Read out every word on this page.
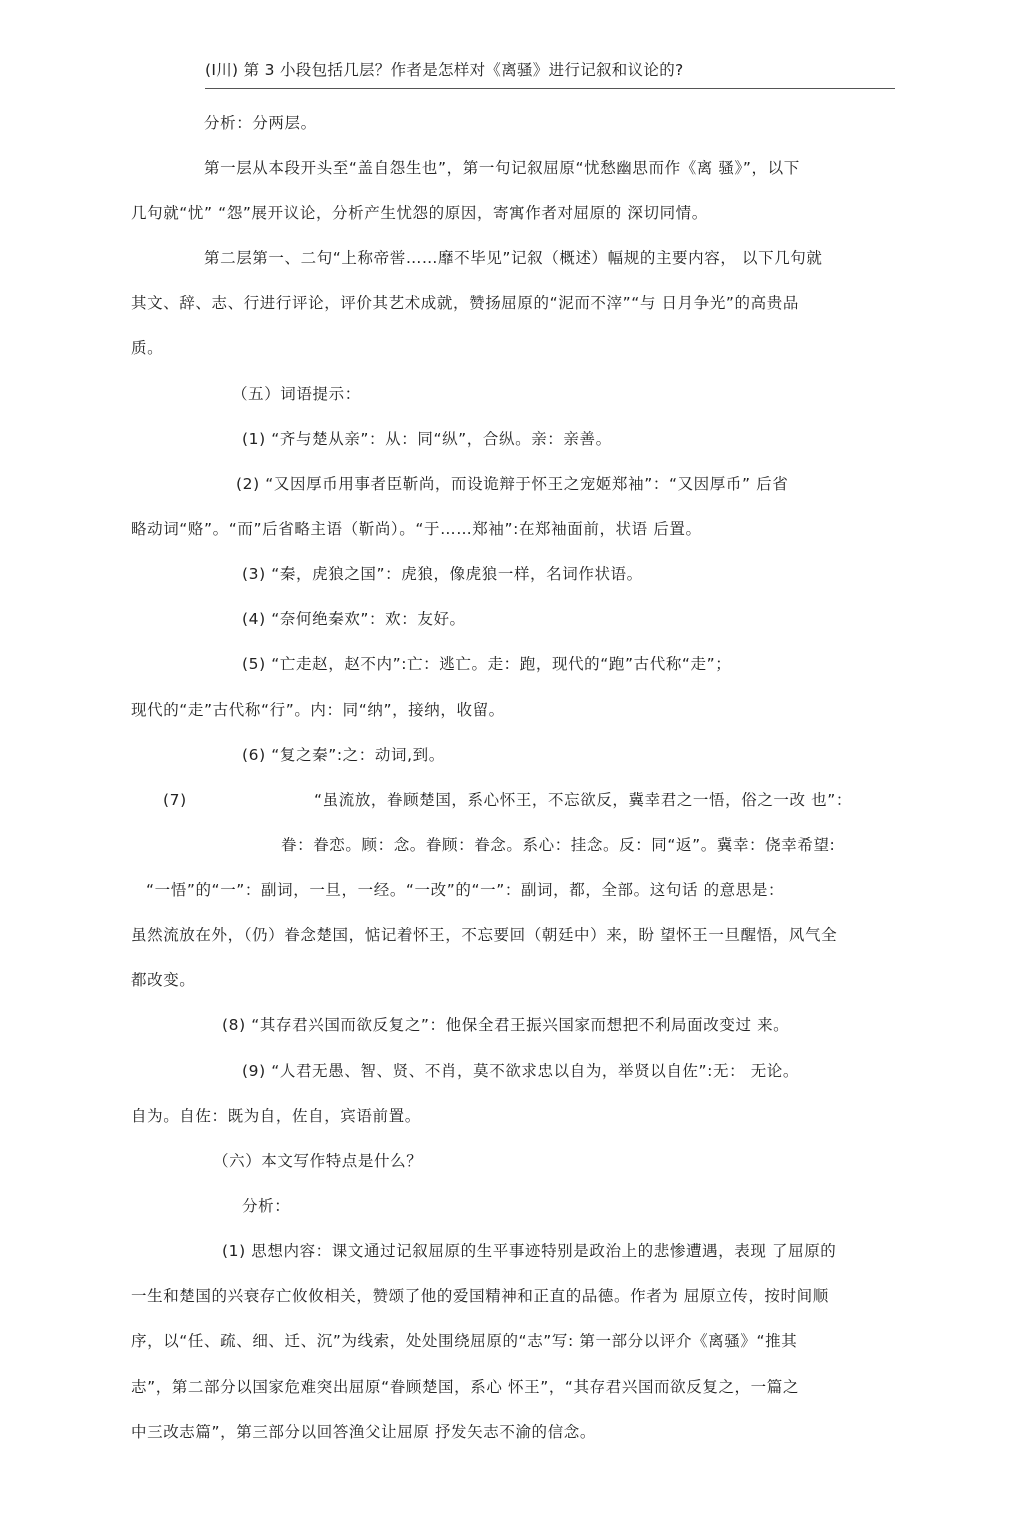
(Ⅰ川) 第 3 小段包括几层？作者是怎样对《离骚》进行记叙和议论的?
分析：分两层。
第一层从本段开头至“盖自怨生也”，第一句记叙屈原“忧愁幽思而作《离 骚》”，以下
几句就“忧” “怨”展开议论，分析产生忧怨的原因，寄寓作者对屈原的 深切同情。
第二层第一、二句“上称帝喾……靡不毕见”记叙（概述）幅规的主要内容， 以下几句就
其文、辞、志、行进行评论，评价其艺术成就，赞扬屈原的“泥而不滓”“与 日月争光”的高贵品
质。
（五）词语提示：
(1) “齐与楚从亲”：从：同“纵”，合纵。亲：亲善。
(2) “又因厚币用事者臣靳尚，而设诡辩于怀王之宠姬郑袖”：“又因厚币” 后省
略动词“赂”。“而”后省略主语（靳尚）。“于……郑袖”:在郑袖面前，状语 后置。
(3) “秦，虎狼之国”：虎狼，像虎狼一样，名词作状语。
(4) “奈何绝秦欢”：欢：友好。
(5) “亡走赵，赵不内”:亡：逃亡。走：跑，现代的“跑”古代称“走”；
现代的“走”古代称“行”。内：同“纳”，接纳，收留。
(6) “复之秦”:之：动词,到。
(7)	“虽流放，眷顾楚国，系心怀王，不忘欲反，冀幸君之一悟，俗之一改 也”：
眷：眷恋。顾：念。眷顾：眷念。系心：挂念。反：同“返”。冀幸：侥幸希望:
“一悟”的“一”：副词，一旦，一经。“一改”的“一”：副词，都，全部。这句话 的意思是：
虽然流放在外，（仍）眷念楚国，惦记着怀王，不忘要回（朝廷中）来，盼 望怀王一旦醒悟，风气全
都改变。
(8) “其存君兴国而欲反复之”：他保全君王振兴国家而想把不利局面改变过 来。
(9) “人君无愚、智、贤、不肖，莫不欲求忠以自为，举贤以自佐”:无： 无论。
自为。自佐：既为自，佐自，宾语前置。
（六）本文写作特点是什么？
分析：
(1) 思想内容：课文通过记叙屈原的生平事迹特别是政治上的悲惨遭遇，表现 了屈原的
一生和楚国的兴衰存亡攸攸相关，赞颂了他的爱国精神和正直的品德。作者为 屈原立传，按时间顺
序，以“任、疏、细、迁、沉”为线索，处处围绕屈原的“志”写: 第一部分以评介《离骚》“推其
志”，第二部分以国家危难突出屈原“眷顾楚国，系心 怀王”，“其存君兴国而欲反复之，一篇之
中三改志篇”，第三部分以回答渔父让屈原 抒发矢志不渝的信念。
